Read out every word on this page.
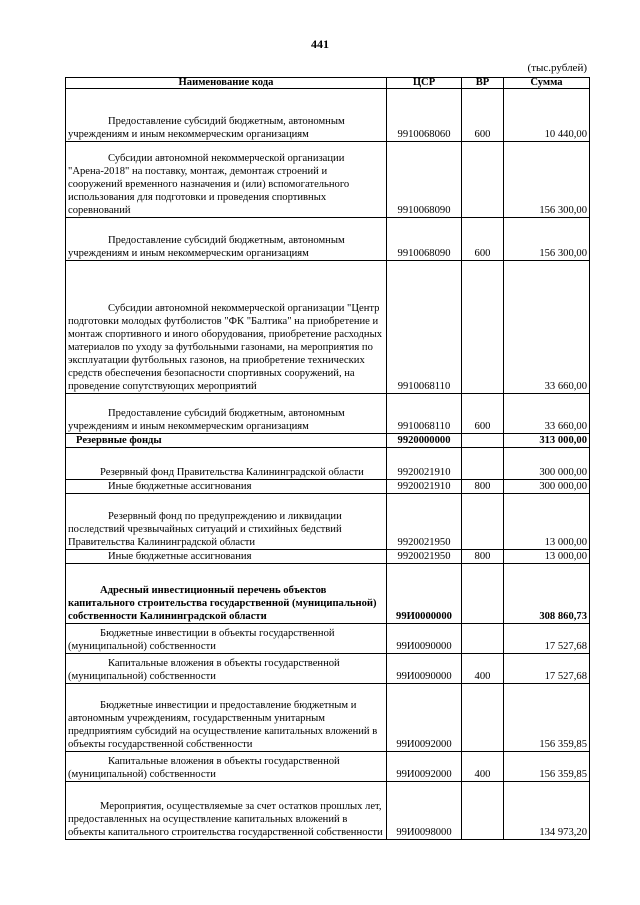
441
(тыс.рублей)
Наименование кода	ЦСР	ВР	Сумма
Предоставление субсидий бюджетным, автономным учреждениям и иным некоммерческим организациям	9910068060	600	10 440,00
Субсидии автономной некоммерческой организации "Арена-2018" на поставку, монтаж, демонтаж строений и сооружений временного назначения и (или) вспомогательного использования для подготовки и проведения спортивных соревнований	9910068090		156 300,00
Предоставление субсидий бюджетным, автономным учреждениям и иным некоммерческим организациям	9910068090	600	156 300,00
Субсидии автономной некоммерческой организации "Центр подготовки молодых футболистов "ФК "Балтика" на приобретение и монтаж спортивного и иного оборудования, приобретение расходных материалов по уходу за футбольными газонами, на мероприятия по эксплуатации футбольных газонов, на приобретение технических средств обеспечения безопасности спортивных сооружений, на проведение сопутствующих мероприятий	9910068110		33 660,00
Предоставление субсидий бюджетным, автономным учреждениям и иным некоммерческим организациям	9910068110	600	33 660,00
Резервные фонды	9920000000		313 000,00
Резервный фонд Правительства Калининградской области	9920021910		300 000,00
Иные бюджетные ассигнования	9920021910	800	300 000,00
Резервный фонд по предупреждению и ликвидации последствий чрезвычайных ситуаций и стихийных бедствий Правительства Калининградской области	9920021950		13 000,00
Иные бюджетные ассигнования	9920021950	800	13 000,00
Адресный инвестиционный перечень объектов капитального строительства государственной (муниципальной) собственности Калининградской области	99И0000000		308 860,73
Бюджетные инвестиции в объекты государственной (муниципальной) собственности	99И0090000		17 527,68
Капитальные вложения в объекты государственной (муниципальной) собственности	99И0090000	400	17 527,68
Бюджетные инвестиции и предоставление бюджетным и автономным учреждениям, государственным унитарным предприятиям субсидий на осуществление капитальных вложений в объекты государственной собственности	99И0092000		156 359,85
Капитальные вложения в объекты государственной (муниципальной) собственности	99И0092000	400	156 359,85
Мероприятия, осуществляемые за счет остатков прошлых лет, предоставленных на осуществление капитальных вложений в объекты капитального строительства государственной собственности	99И0098000		134 973,20
